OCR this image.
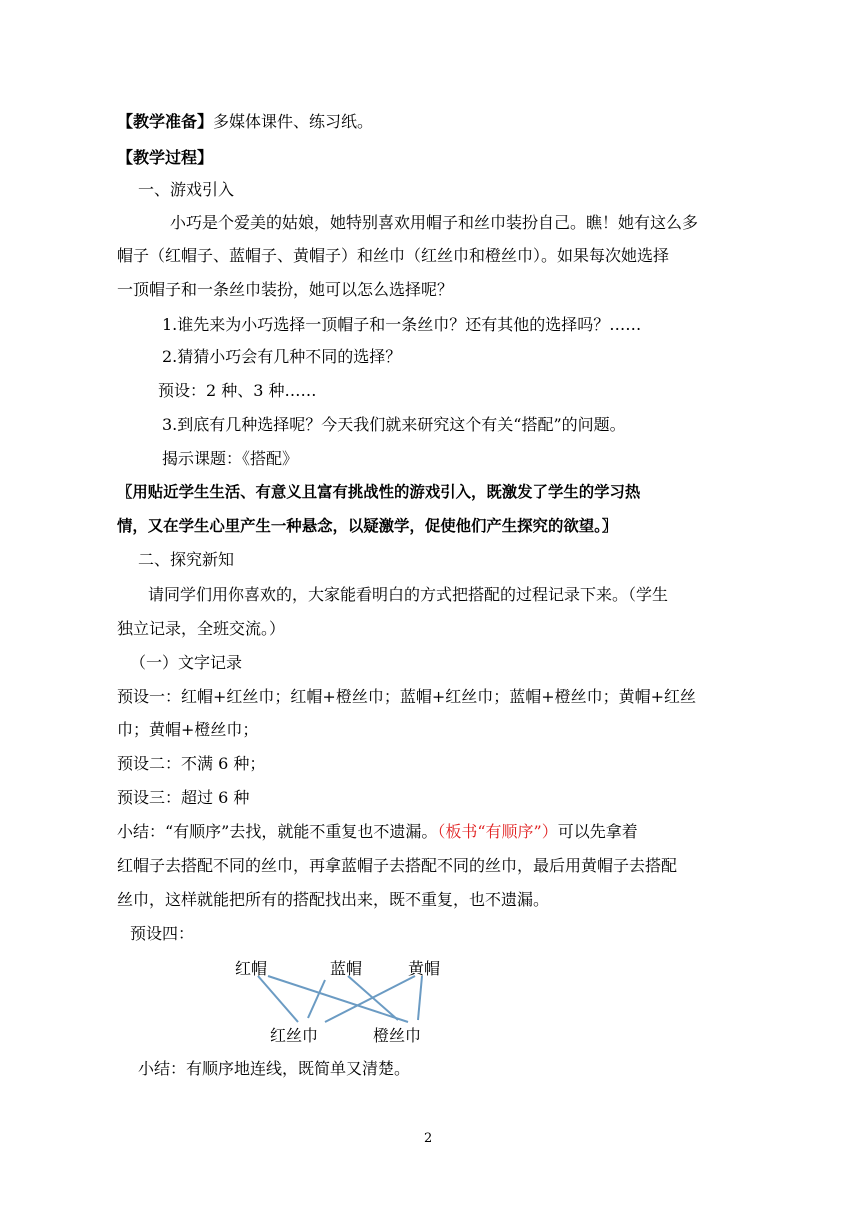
【教学准备】多媒体课件、练习纸。
【教学过程】
一、游戏引入
小巧是个爱美的姑娘，她特别喜欢用帽子和丝巾装扮自己。瞧！她有这么多
帽子（红帽子、蓝帽子、黄帽子）和丝巾（红丝巾和橙丝巾）。如果每次她选择
一顶帽子和一条丝巾装扮，她可以怎么选择呢？
1.谁先来为小巧选择一顶帽子和一条丝巾？还有其他的选择吗？……
2.猜猜小巧会有几种不同的选择？
预设：2 种、3 种……
3.到底有几种选择呢？今天我们就来研究这个有关“搭配”的问题。
揭示课题：《搭配》
〖用贴近学生生活、有意义且富有挑战性的游戏引入，既激发了学生的学习热
情，又在学生心里产生一种悬念，以疑激学，促使他们产生探究的欲望。〗
二、探究新知
请同学们用你喜欢的，大家能看明白的方式把搭配的过程记录下来。（学生
独立记录，全班交流。）
（一）文字记录
预设一：红帽+红丝巾；红帽+橙丝巾；蓝帽+红丝巾；蓝帽+橙丝巾；黄帽+红丝
巾；黄帽+橙丝巾；
预设二：不满 6 种；
预设三：超过 6 种
小结：“有顺序”去找，就能不重复也不遗漏。（板书“有顺序”）可以先拿着
红帽子去搭配不同的丝巾，再拿蓝帽子去搭配不同的丝巾，最后用黄帽子去搭配
丝巾，这样就能把所有的搭配找出来，既不重复，也不遗漏。
预设四：
红帽	蓝帽	黄帽
红丝巾	橙丝巾
小结：有顺序地连线，既简单又清楚。
2
